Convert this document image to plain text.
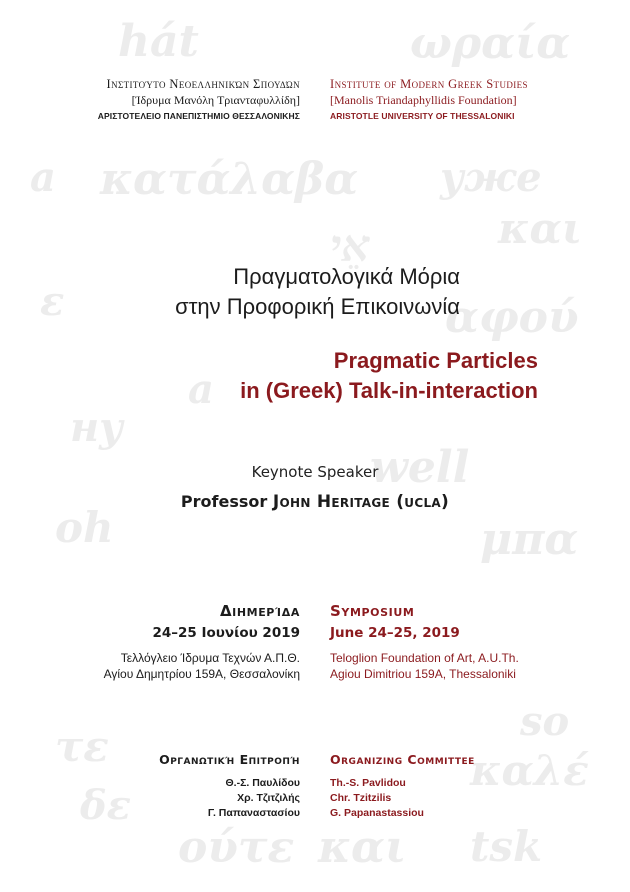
hát	ωραία
a κατάλαβα уже
και
ε
אֵי
αφού
a
ну
well
oh	μπα
so
τε	καλέ
δε
ούτε και tsk
Ινστιτούτο Νεοελληνικών Σπουδών
[Ίδρυμα Μανόλη Τριανταφυλλίδη]
ΑΡΙΣΤΟΤΕΛΕΙΟ ΠΑΝΕΠΙΣΤΗΜΙΟ ΘΕΣΣΑΛΟΝΙΚΗΣ
Institute of Modern Greek Studies
[Manolis Triandaphyllidis Foundation]
ARISTOTLE UNIVERSITY OF THESSALONIKI
Πραγματολογικά Μόρια
στην Προφορική Επικοινωνία
Pragmatic Particles
in (Greek) Talk-in-interaction
Keynote Speaker
Professor John Heritage (ucla)
Διημερίδα
24–25 Ιουνίου 2019
Τελλόγλειο Ίδρυμα Τεχνών Α.Π.Θ.
Αγίου Δημητρίου 159Α, Θεσσαλονίκη
Symposium
June 24–25, 2019
Teloglion Foundation of Art, A.U.Th.
Agiou Dimitriou 159A, Thessaloniki
Οργανωτική Επιτροπή
Θ.-Σ. Παυλίδου
Χρ. Τζιτζιλής
Γ. Παπαναστασίου
Organizing Committee
Th.-S. Pavlidou
Chr. Tzitzilis
G. Papanastassiou
